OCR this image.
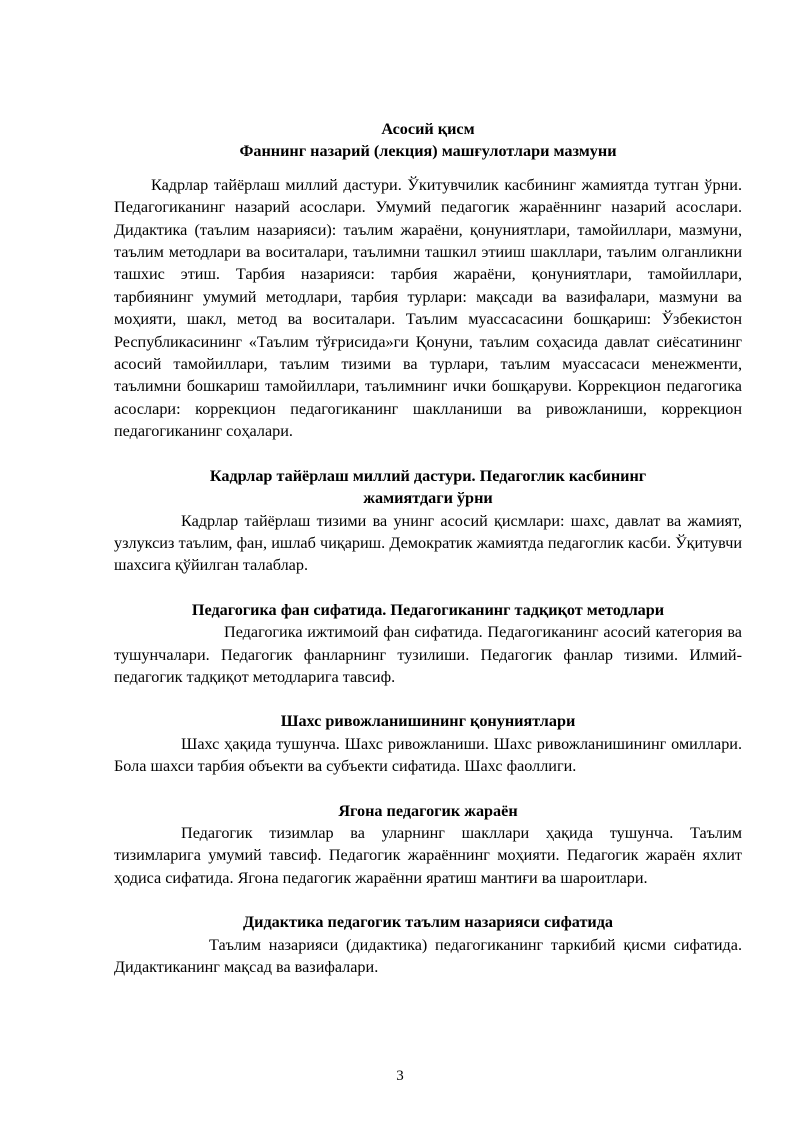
Асосий қисм
Фаннинг назарий (лекция) машғулотлари мазмуни

Кадрлар тайёрлаш миллий дастури. Ўкитувчилик касбининг жамиятда тутган ўрни. Педагогиканинг назарий асослари. Умумий педагогик жараённинг назарий асослари. Дидактика (таълим назарияси): таълим жараёни, қонуниятлари, тамойиллари, мазмуни, таълим методлари ва воситалари, таълимни ташкил этииш шакллари, таълим олганликни ташхис этиш. Тарбия назарияси: тарбия жараёни, қонуниятлари, тамойиллари, тарбиянинг умумий методлари, тарбия турлари: мақсади ва вазифалари, мазмуни ва моҳияти, шакл, метод ва воситалари. Таълим муассасасини бошқариш: Ўзбекистон Республикасининг «Таълим тўғрисида»ги Қонуни, таълим соҳасида давлат сиёсатининг асосий тамойиллари, таълим тизими ва турлари, таълим муассасаси менежменти, таълимни бошкариш тамойиллари, таълимнинг ички бошқаруви. Коррекцион педагогика асослари: коррекцион педагогиканинг шаклланиши ва ривожланиши, коррекцион педагогиканинг соҳалари.

Кадрлар тайёрлаш миллий дастури. Педагоглик касбининг
жамиятдаги ўрни

Кадрлар тайёрлаш тизими ва унинг асосий қисмлари: шахс, давлат ва жамият, узлуксиз таълим, фан, ишлаб чиқариш. Демократик жамиятда педагоглик касби. Ўқитувчи шахсига қўйилган талаблар.

Педагогика фан сифатида. Педагогиканинг тадқиқот методлари

Педагогика ижтимоий фан сифатида. Педагогиканинг асосий категория ва тушунчалари. Педагогик фанларнинг тузилиши. Педагогик фанлар тизими. Илмий-педагогик тадқиқот методларига тавсиф.

Шахс ривожланишининг қонуниятлари

Шахс ҳақида тушунча. Шахс ривожланиши. Шахс ривожланишининг омиллари. Бола шахси тарбия объекти ва субъекти сифатида. Шахс фаоллиги.

Ягона педагогик жараён

Педагогик тизимлар ва уларнинг шакллари ҳақида тушунча. Таълим тизимларига умумий тавсиф. Педагогик жараённинг моҳияти. Педагогик жараён яхлит ҳодиса сифатида. Ягона педагогик жараённи яратиш мантиғи ва шароитлари.

Дидактика педагогик таълим назарияси сифатида

Таълим назарияси (дидактика) педагогиканинг таркибий қисми сифатида. Дидактиканинг мақсад ва вазифалари.

3
